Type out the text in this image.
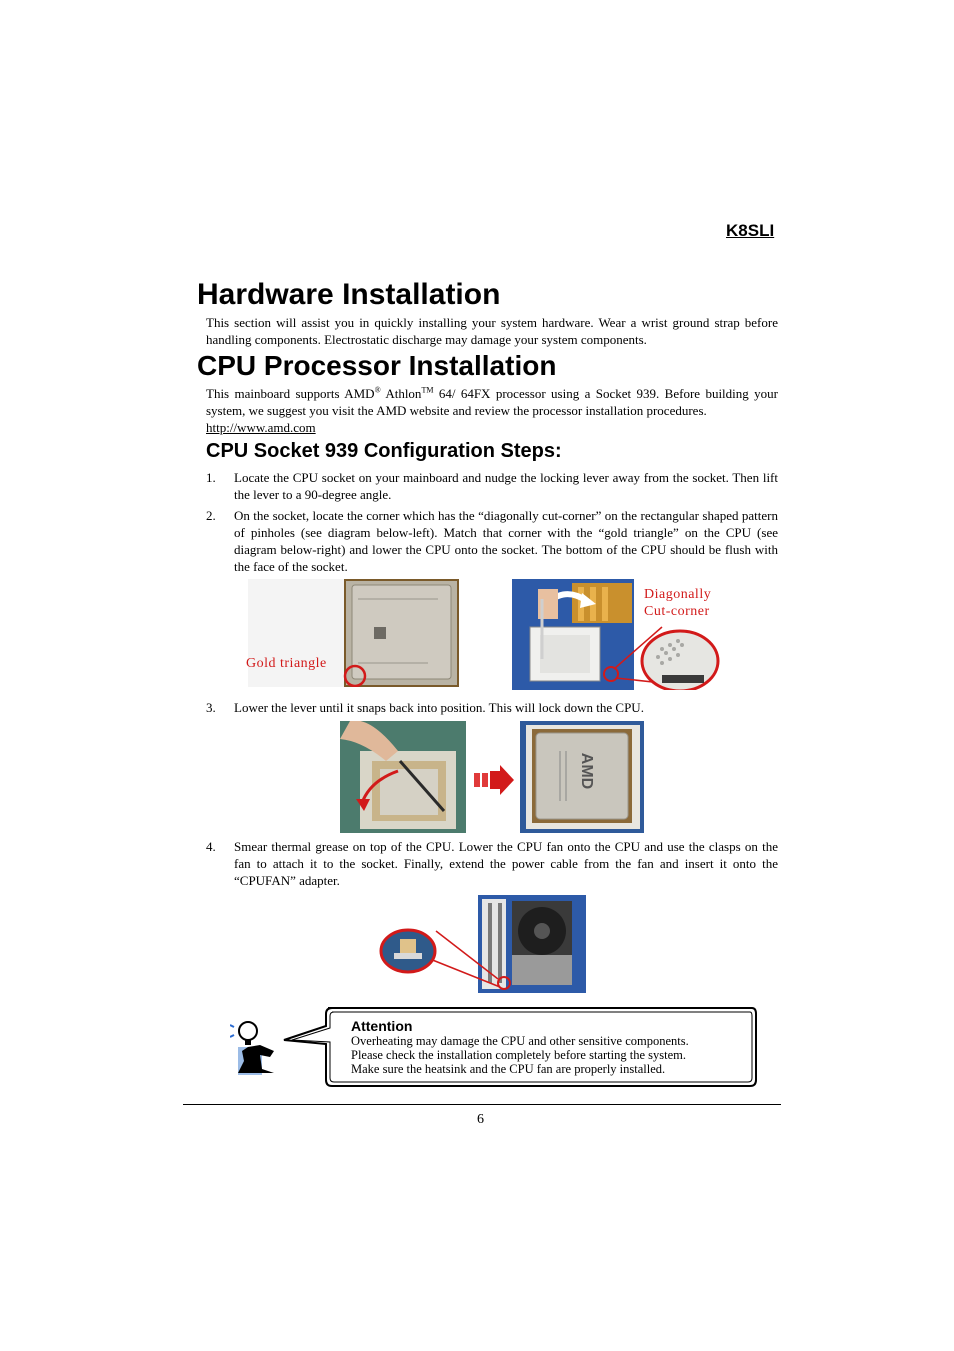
K8SLI
Hardware Installation
This section will assist you in quickly installing your system hardware. Wear a wrist ground strap before handling components. Electrostatic discharge may damage your system components.
CPU Processor Installation
This mainboard supports AMD® Athlon™ 64/ 64FX processor using a Socket 939. Before building your system, we suggest you visit the AMD website and review the processor installation procedures.
http://www.amd.com
CPU Socket 939 Configuration Steps:
1. Locate the CPU socket on your mainboard and nudge the locking lever away from the socket. Then lift the lever to a 90-degree angle.
2. On the socket, locate the corner which has the “diagonally cut-corner” on the rectangular shaped pattern of pinholes (see diagram below-left). Match that corner with the “gold triangle” on the CPU (see diagram below-right) and lower the CPU onto the socket. The bottom of the CPU should be flush with the face of the socket.
Gold triangle
Diagonally
Cut-corner
3. Lower the lever until it snaps back into position. This will lock down the CPU.
AMD
4. Smear thermal grease on top of the CPU. Lower the CPU fan onto the CPU and use the clasps on the fan to attach it to the socket. Finally, extend the power cable from the fan and insert it onto the “CPUFAN” adapter.
Attention
Overheating may damage the CPU and other sensitive components.
Please check the installation completely before starting the system.
Make sure the heatsink and the CPU fan are properly installed.
6
